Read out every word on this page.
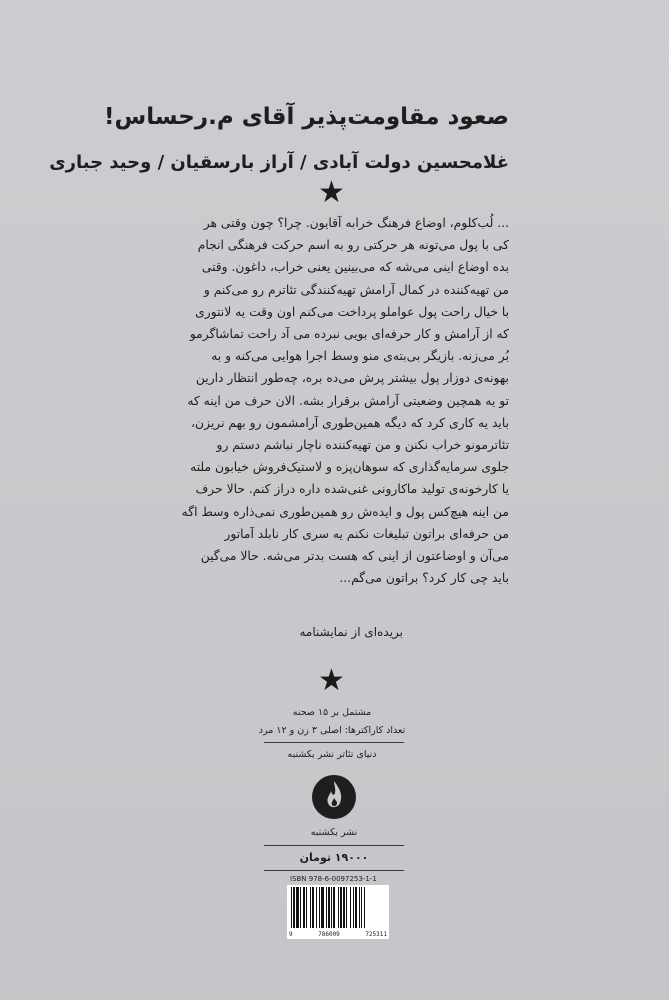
صعود مقاومت‌پذیر آقای م.رحساس!
غلامحسین دولت آبادی / آراز بارسقیان / وحید جباری
★
... لُب‌کلوم، اوضاع فرهنگ خرابه آقایون. چرا؟ چون وقتی هر
کی با پول می‌تونه هر حرکتی رو به اسم حرکت فرهنگی انجام
بده اوضاع اینی می‌شه که می‌بینین یعنی خراب، داغون. وقتی
من تهیه‌کننده در کمال آرامش تهیه‌کنندگی تئاترم رو می‌کنم و
با خیال راحت پول عواملو پرداخت می‌کنم اون وقت یه لانتوری
که از آرامش و کار حرفه‌ای بویی نبرده می آد راحت تماشاگرمو
بُر می‌زنه. بازیگر بی‌بته‌ی منو وسط اجرا هوایی می‌کنه و به
بهونه‌ی دوزار پول بیشتر پرش می‌ده بره، چه‌طور انتظار دارین
تو یه همچین وضعیتی آرامش برقرار بشه. الان حرف من اینه که
باید یه کاری کرد که دیگه همین‌طوری آرامشمون رو بهم نریزن،
تئاترمونو خراب نکنن و من تهیه‌کننده ناچار نباشم دستم رو
جلوی سرمایه‌گذاری که سوهان‌پزه و لاستیک‌فروش خیابون ملته
یا کارخونه‌ی تولید ماکارونی غنی‌شده داره دراز کنم. حالا حرف
من اینه هیچ‌کس پول و ایده‌ش رو همین‌طوری نمی‌ذاره وسط اگه
من حرفه‌ای براتون تبلیغات نکنم یه سری کار نابلد آماتور
می‌آن و اوضاعتون از اینی که هست بدتر می‌شه. حالا می‌گین
باید چی کار کرد؟ براتون می‌گم...
بریده‌ای از نمایشنامه
★
مشتمل بر ۱۵ صحنه
تعداد کاراکترها: اصلی ۳ زن و ۱۲ مرد
دنیای تئاتر نشر یکشنبه
نشر یکشنبه
۱۹۰۰۰ تومان
ISBN 978-6-0097253-1-1
9	786009	725311
